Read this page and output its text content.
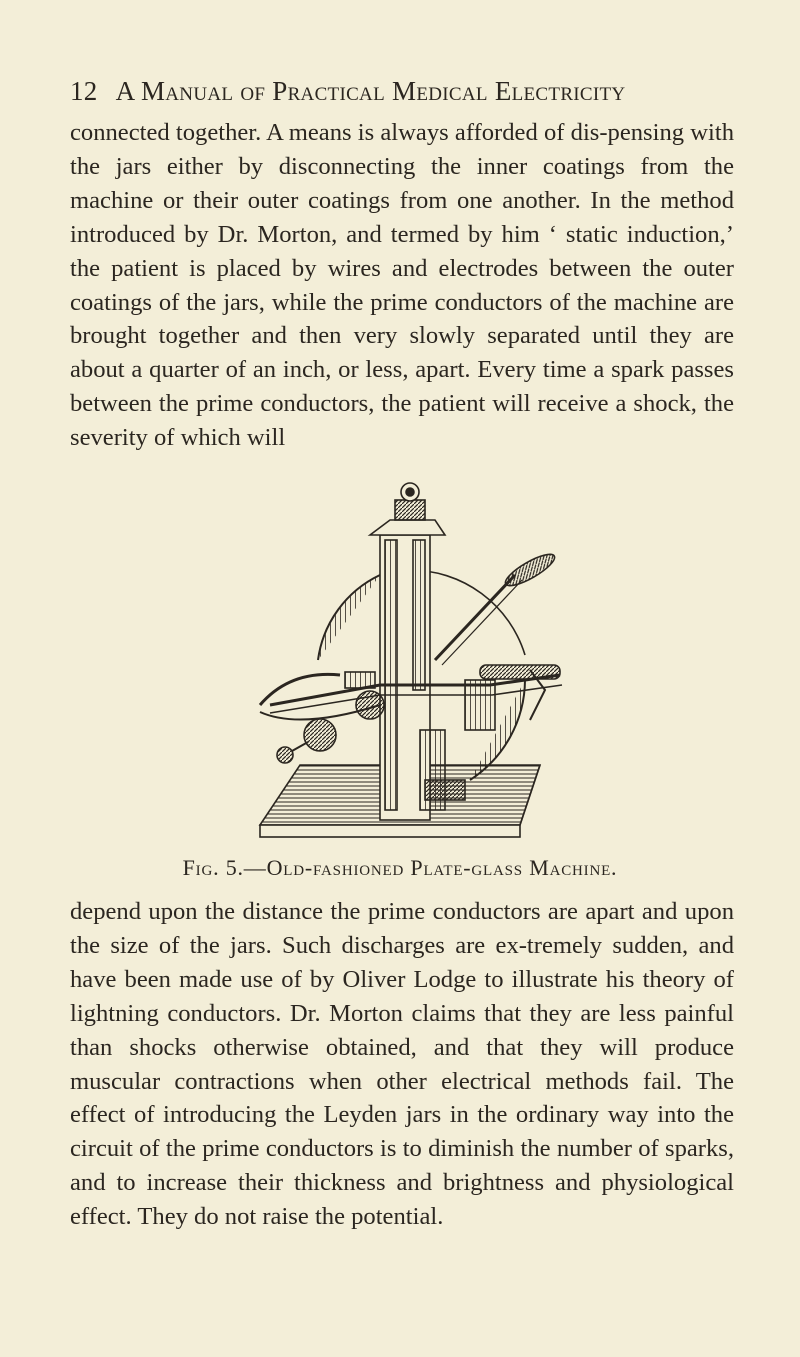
12 A Manual of Practical Medical Electricity

connected together. A means is always afforded of dis-pensing with the jars either by disconnecting the inner coatings from the machine or their outer coatings from one another. In the method introduced by Dr. Morton, and termed by him ‘ static induction,’ the patient is placed by wires and electrodes between the outer coatings of the jars, while the prime conductors of the machine are brought together and then very slowly separated until they are about a quarter of an inch, or less, apart. Every time a spark passes between the prime conductors, the patient will receive a shock, the severity of which will

Fig. 5.—Old-fashioned Plate-glass Machine.

depend upon the distance the prime conductors are apart and upon the size of the jars. Such discharges are ex-tremely sudden, and have been made use of by Oliver Lodge to illustrate his theory of lightning conductors. Dr. Morton claims that they are less painful than shocks otherwise obtained, and that they will produce muscular contractions when other electrical methods fail. The effect of introducing the Leyden jars in the ordinary way into the circuit of the prime conductors is to diminish the number of sparks, and to increase their thickness and brightness and physiological effect. They do not raise the potential.
